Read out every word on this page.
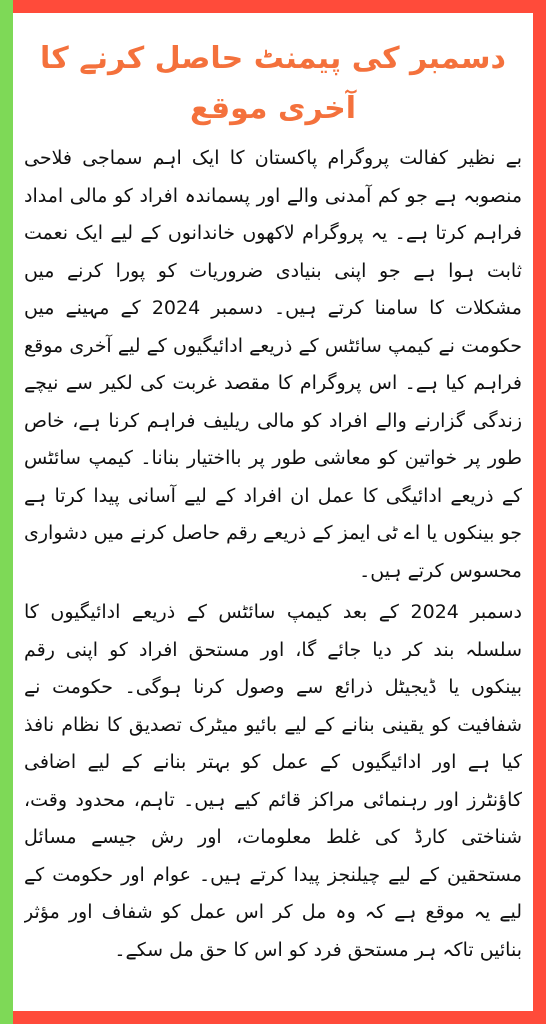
دسمبر کی پیمنٹ حاصل کرنے کا آخری موقع

بے نظیر کفالت پروگرام پاکستان کا ایک اہم سماجی فلاحی منصوبہ ہے جو کم آمدنی والے اور پسماندہ افراد کو مالی امداد فراہم کرتا ہے۔ یہ پروگرام لاکھوں خاندانوں کے لیے ایک نعمت ثابت ہوا ہے جو اپنی بنیادی ضروریات کو پورا کرنے میں مشکلات کا سامنا کرتے ہیں۔ دسمبر 2024 کے مہینے میں حکومت نے کیمپ سائٹس کے ذریعے ادائیگیوں کے لیے آخری موقع فراہم کیا ہے۔ اس پروگرام کا مقصد غربت کی لکیر سے نیچے زندگی گزارنے والے افراد کو مالی ریلیف فراہم کرنا ہے، خاص طور پر خواتین کو معاشی طور پر بااختیار بنانا۔ کیمپ سائٹس کے ذریعے ادائیگی کا عمل ان افراد کے لیے آسانی پیدا کرتا ہے جو بینکوں یا اے ٹی ایمز کے ذریعے رقم حاصل کرنے میں دشواری محسوس کرتے ہیں۔

دسمبر 2024 کے بعد کیمپ سائٹس کے ذریعے ادائیگیوں کا سلسلہ بند کر دیا جائے گا، اور مستحق افراد کو اپنی رقم بینکوں یا ڈیجیٹل ذرائع سے وصول کرنا ہوگی۔ حکومت نے شفافیت کو یقینی بنانے کے لیے بائیو میٹرک تصدیق کا نظام نافذ کیا ہے اور ادائیگیوں کے عمل کو بہتر بنانے کے لیے اضافی کاؤنٹرز اور رہنمائی مراکز قائم کیے ہیں۔ تاہم، محدود وقت، شناختی کارڈ کی غلط معلومات، اور رش جیسے مسائل مستحقین کے لیے چیلنجز پیدا کرتے ہیں۔ عوام اور حکومت کے لیے یہ موقع ہے کہ وہ مل کر اس عمل کو شفاف اور مؤثر بنائیں تاکہ ہر مستحق فرد کو اس کا حق مل سکے۔
